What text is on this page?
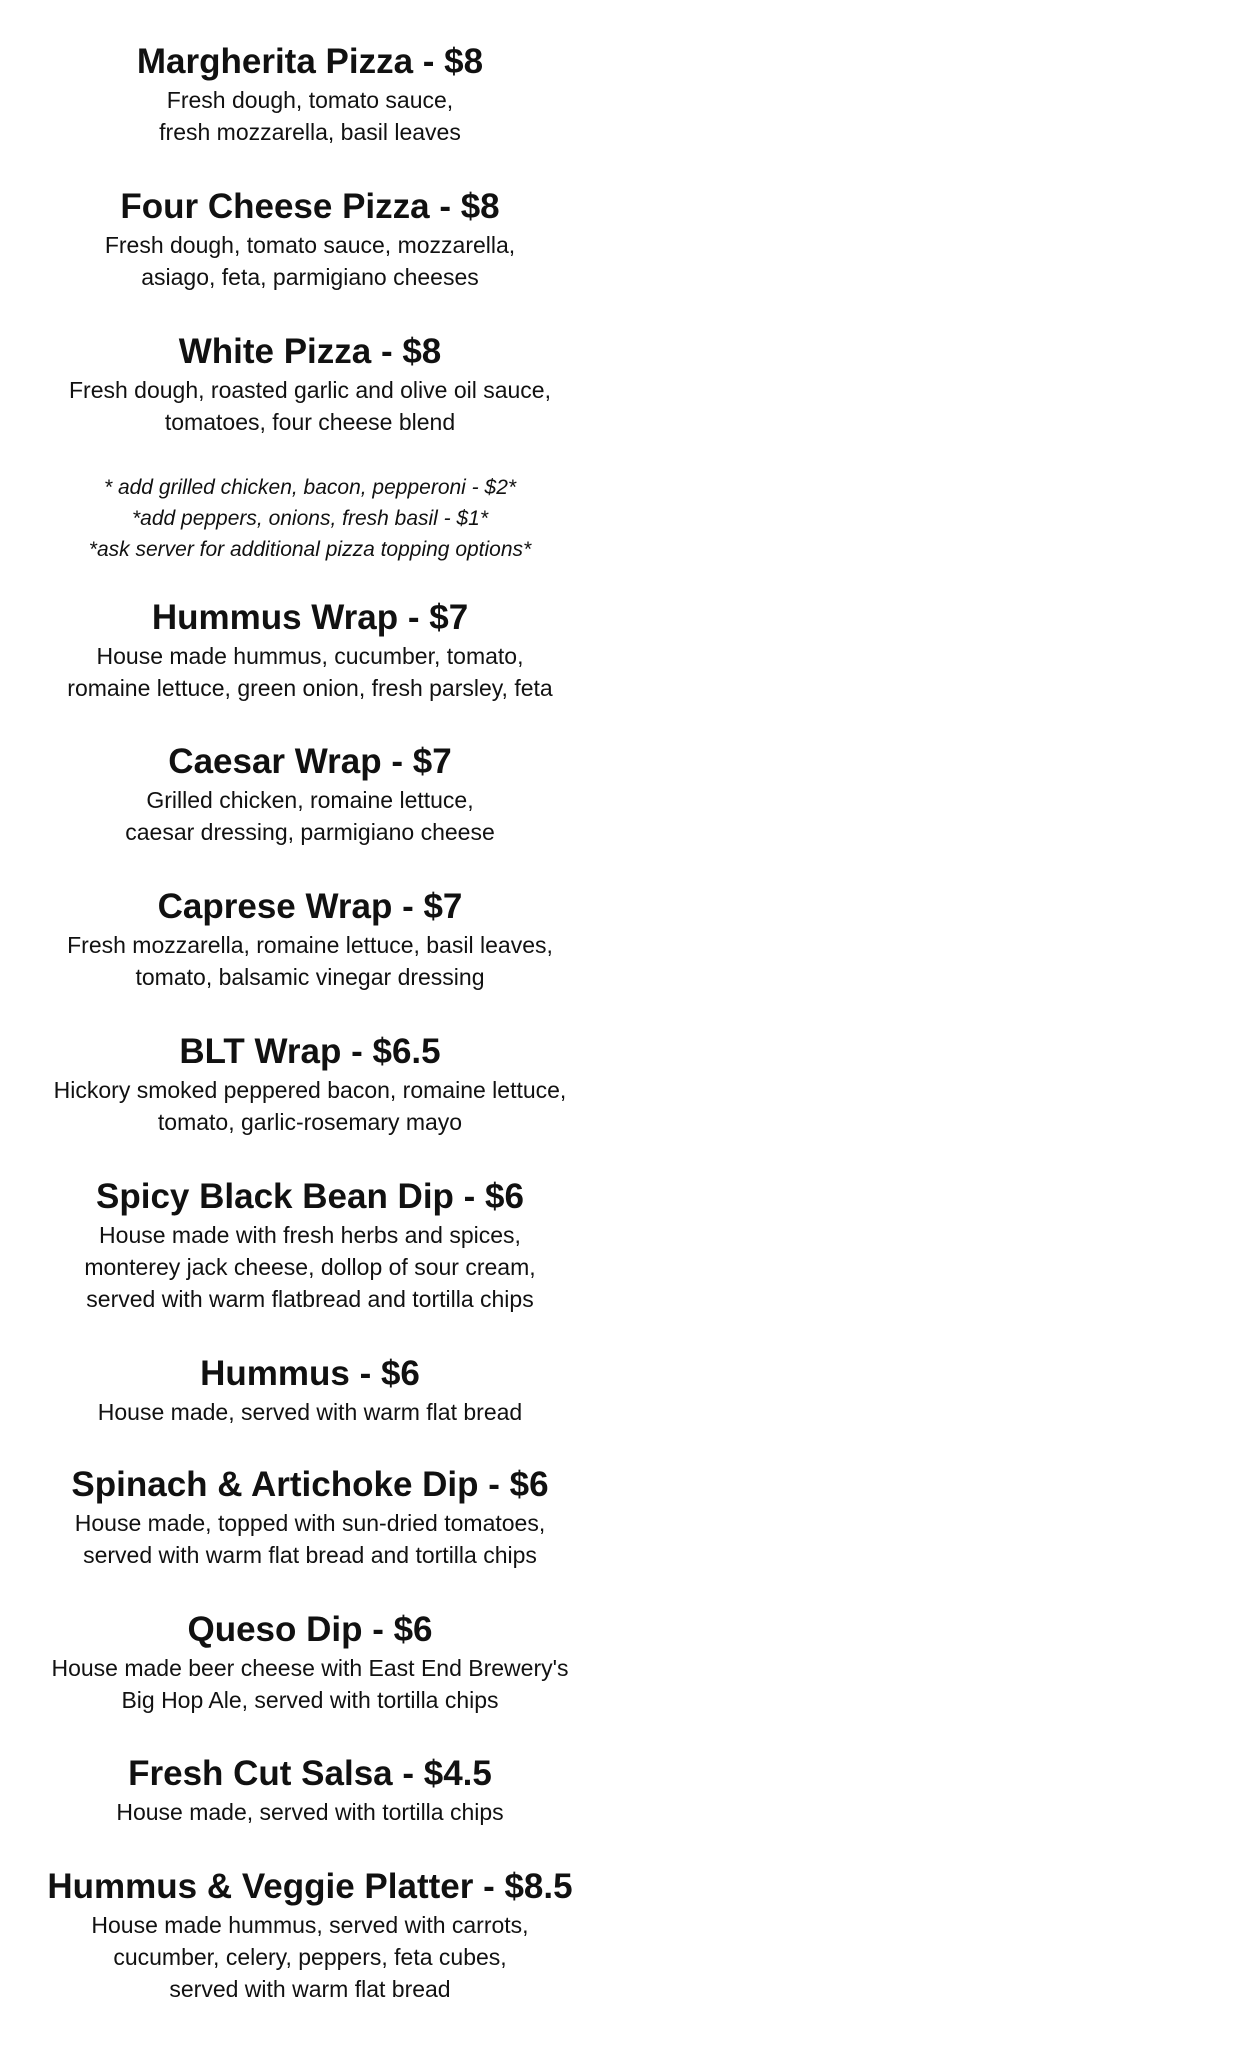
Margherita Pizza - $8
Fresh dough, tomato sauce,
fresh mozzarella, basil leaves
Four Cheese Pizza - $8
Fresh dough, tomato sauce, mozzarella,
asiago, feta, parmigiano cheeses
White Pizza - $8
Fresh dough, roasted garlic and olive oil sauce,
tomatoes, four cheese blend
Hummus Wrap - $7
House made hummus, cucumber, tomato,
romaine lettuce, green onion, fresh parsley, feta
Caesar Wrap - $7
Grilled chicken, romaine lettuce,
caesar dressing, parmigiano cheese
Caprese Wrap - $7
Fresh mozzarella, romaine lettuce, basil leaves,
tomato, balsamic vinegar dressing
BLT Wrap - $6.5
Hickory smoked peppered bacon, romaine lettuce,
tomato, garlic-rosemary mayo
Spicy Black Bean Dip - $6
House made with fresh herbs and spices,
monterey jack cheese, dollop of sour cream,
served with warm flatbread and tortilla chips
Hummus - $6
House made, served with warm flat bread
Spinach & Artichoke Dip - $6
House made, topped with sun-dried tomatoes,
served with warm flat bread and tortilla chips
Queso Dip - $6
House made beer cheese with East End Brewery's
Big Hop Ale, served with tortilla chips
Fresh Cut Salsa - $4.5
House made, served with tortilla chips
Hummus & Veggie Platter - $8.5
House made hummus, served with carrots,
cucumber, celery, peppers, feta cubes,
served with warm flat bread
* add grilled chicken, bacon, pepperoni - $2*
*add peppers, onions, fresh basil - $1*
*ask server for additional pizza topping options*
